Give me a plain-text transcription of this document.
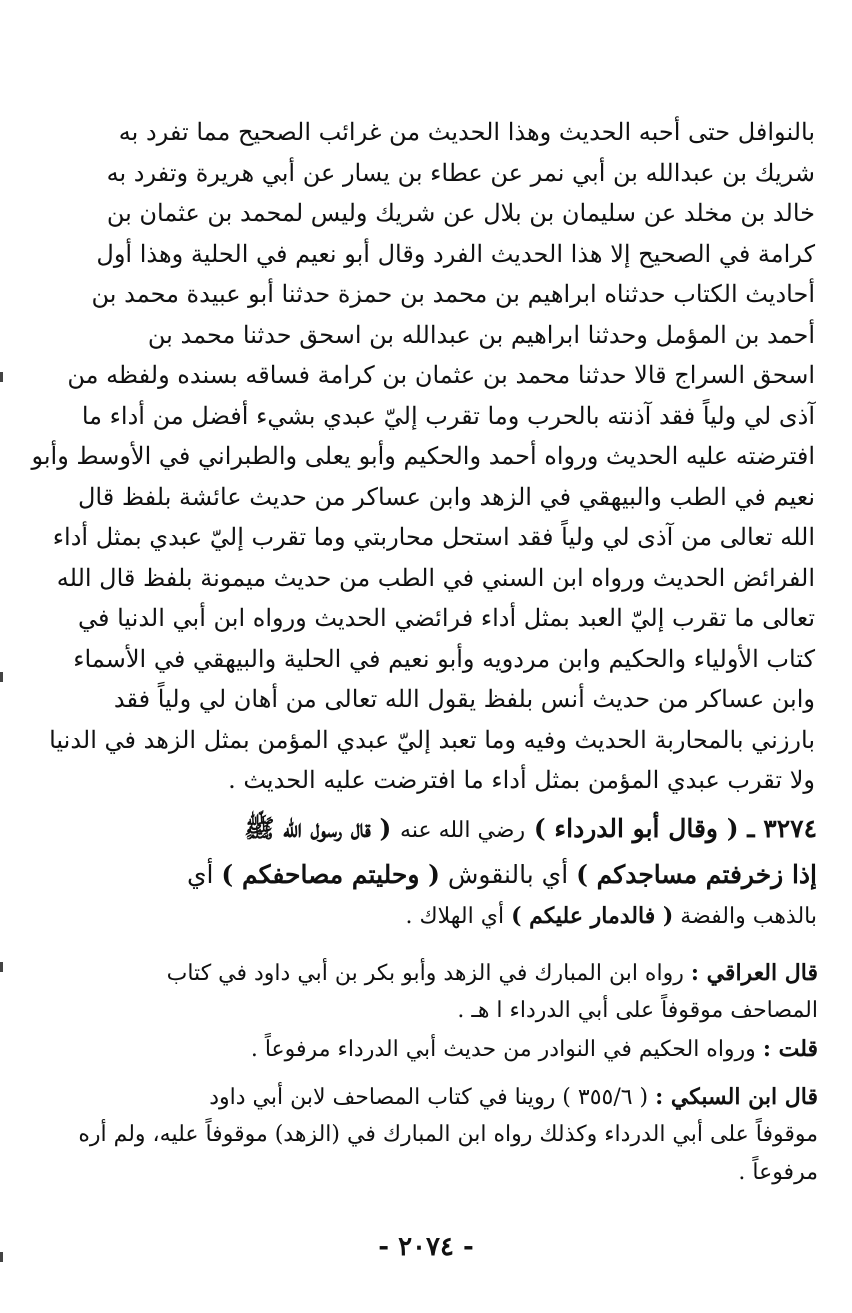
بالنوافل حتى أحبه الحديث وهذا الحديث من غرائب الصحيح مما تفرد به
شريك بن عبدالله بن أبي نمر عن عطاء بن يسار عن أبي هريرة وتفرد به
خالد بن مخلد عن سليمان بن بلال عن شريك وليس لمحمد بن عثمان بن
كرامة في الصحيح إلا هذا الحديث الفرد وقال أبو نعيم في الحلية وهذا أول
أحاديث الكتاب حدثناه ابراهيم بن محمد بن حمزة حدثنا أبو عبيدة محمد بن
أحمد بن المؤمل وحدثنا ابراهيم بن عبدالله بن اسحق حدثنا محمد بن
اسحق السراج قالا حدثنا محمد بن عثمان بن كرامة فساقه بسنده ولفظه من
آذى لي ولياً فقد آذنته بالحرب وما تقرب إليّ عبدي بشيء أفضل من أداء ما
افترضته عليه الحديث ورواه أحمد والحكيم وأبو يعلى والطبراني في الأوسط وأبو
نعيم في الطب والبيهقي في الزهد وابن عساكر من حديث عائشة بلفظ قال
الله تعالى من آذى لي ولياً فقد استحل محاربتي وما تقرب إليّ عبدي بمثل أداء
الفرائض الحديث ورواه ابن السني في الطب من حديث ميمونة بلفظ قال الله
تعالى ما تقرب إليّ العبد بمثل أداء فرائضي الحديث ورواه ابن أبي الدنيا في
كتاب الأولياء والحكيم وابن مردويه وأبو نعيم في الحلية والبيهقي في الأسماء
وابن عساكر من حديث أنس بلفظ يقول الله تعالى من أهان لي ولياً فقد
بارزني بالمحاربة الحديث وفيه وما تعبد إليّ عبدي المؤمن بمثل الزهد في الدنيا
ولا تقرب عبدي المؤمن بمثل أداء ما افترضت عليه الحديث .
٣٢٧٤ ـ ( وقال أبو الدرداء ) رضي الله عنه ( قال رسول الله ﷺ
إذا زخرفتم مساجدكم ) أي بالنقوش ( وحليتم مصاحفكم ) أي
بالذهب والفضة ( فالدمار عليكم ) أي الهلاك .
قال العراقي : رواه ابن المبارك في الزهد وأبو بكر بن أبي داود في كتاب
المصاحف موقوفاً على أبي الدرداء ا هـ .
قلت : ورواه الحكيم في النوادر من حديث أبي الدرداء مرفوعاً .
قال ابن السبكي : ( ٣٥٥/٦ ) روينا في كتاب المصاحف لابن أبي داود
موقوفاً على أبي الدرداء وكذلك رواه ابن المبارك في (الزهد) موقوفاً عليه، ولم أره
مرفوعاً .
- ٢٠٧٤ -
